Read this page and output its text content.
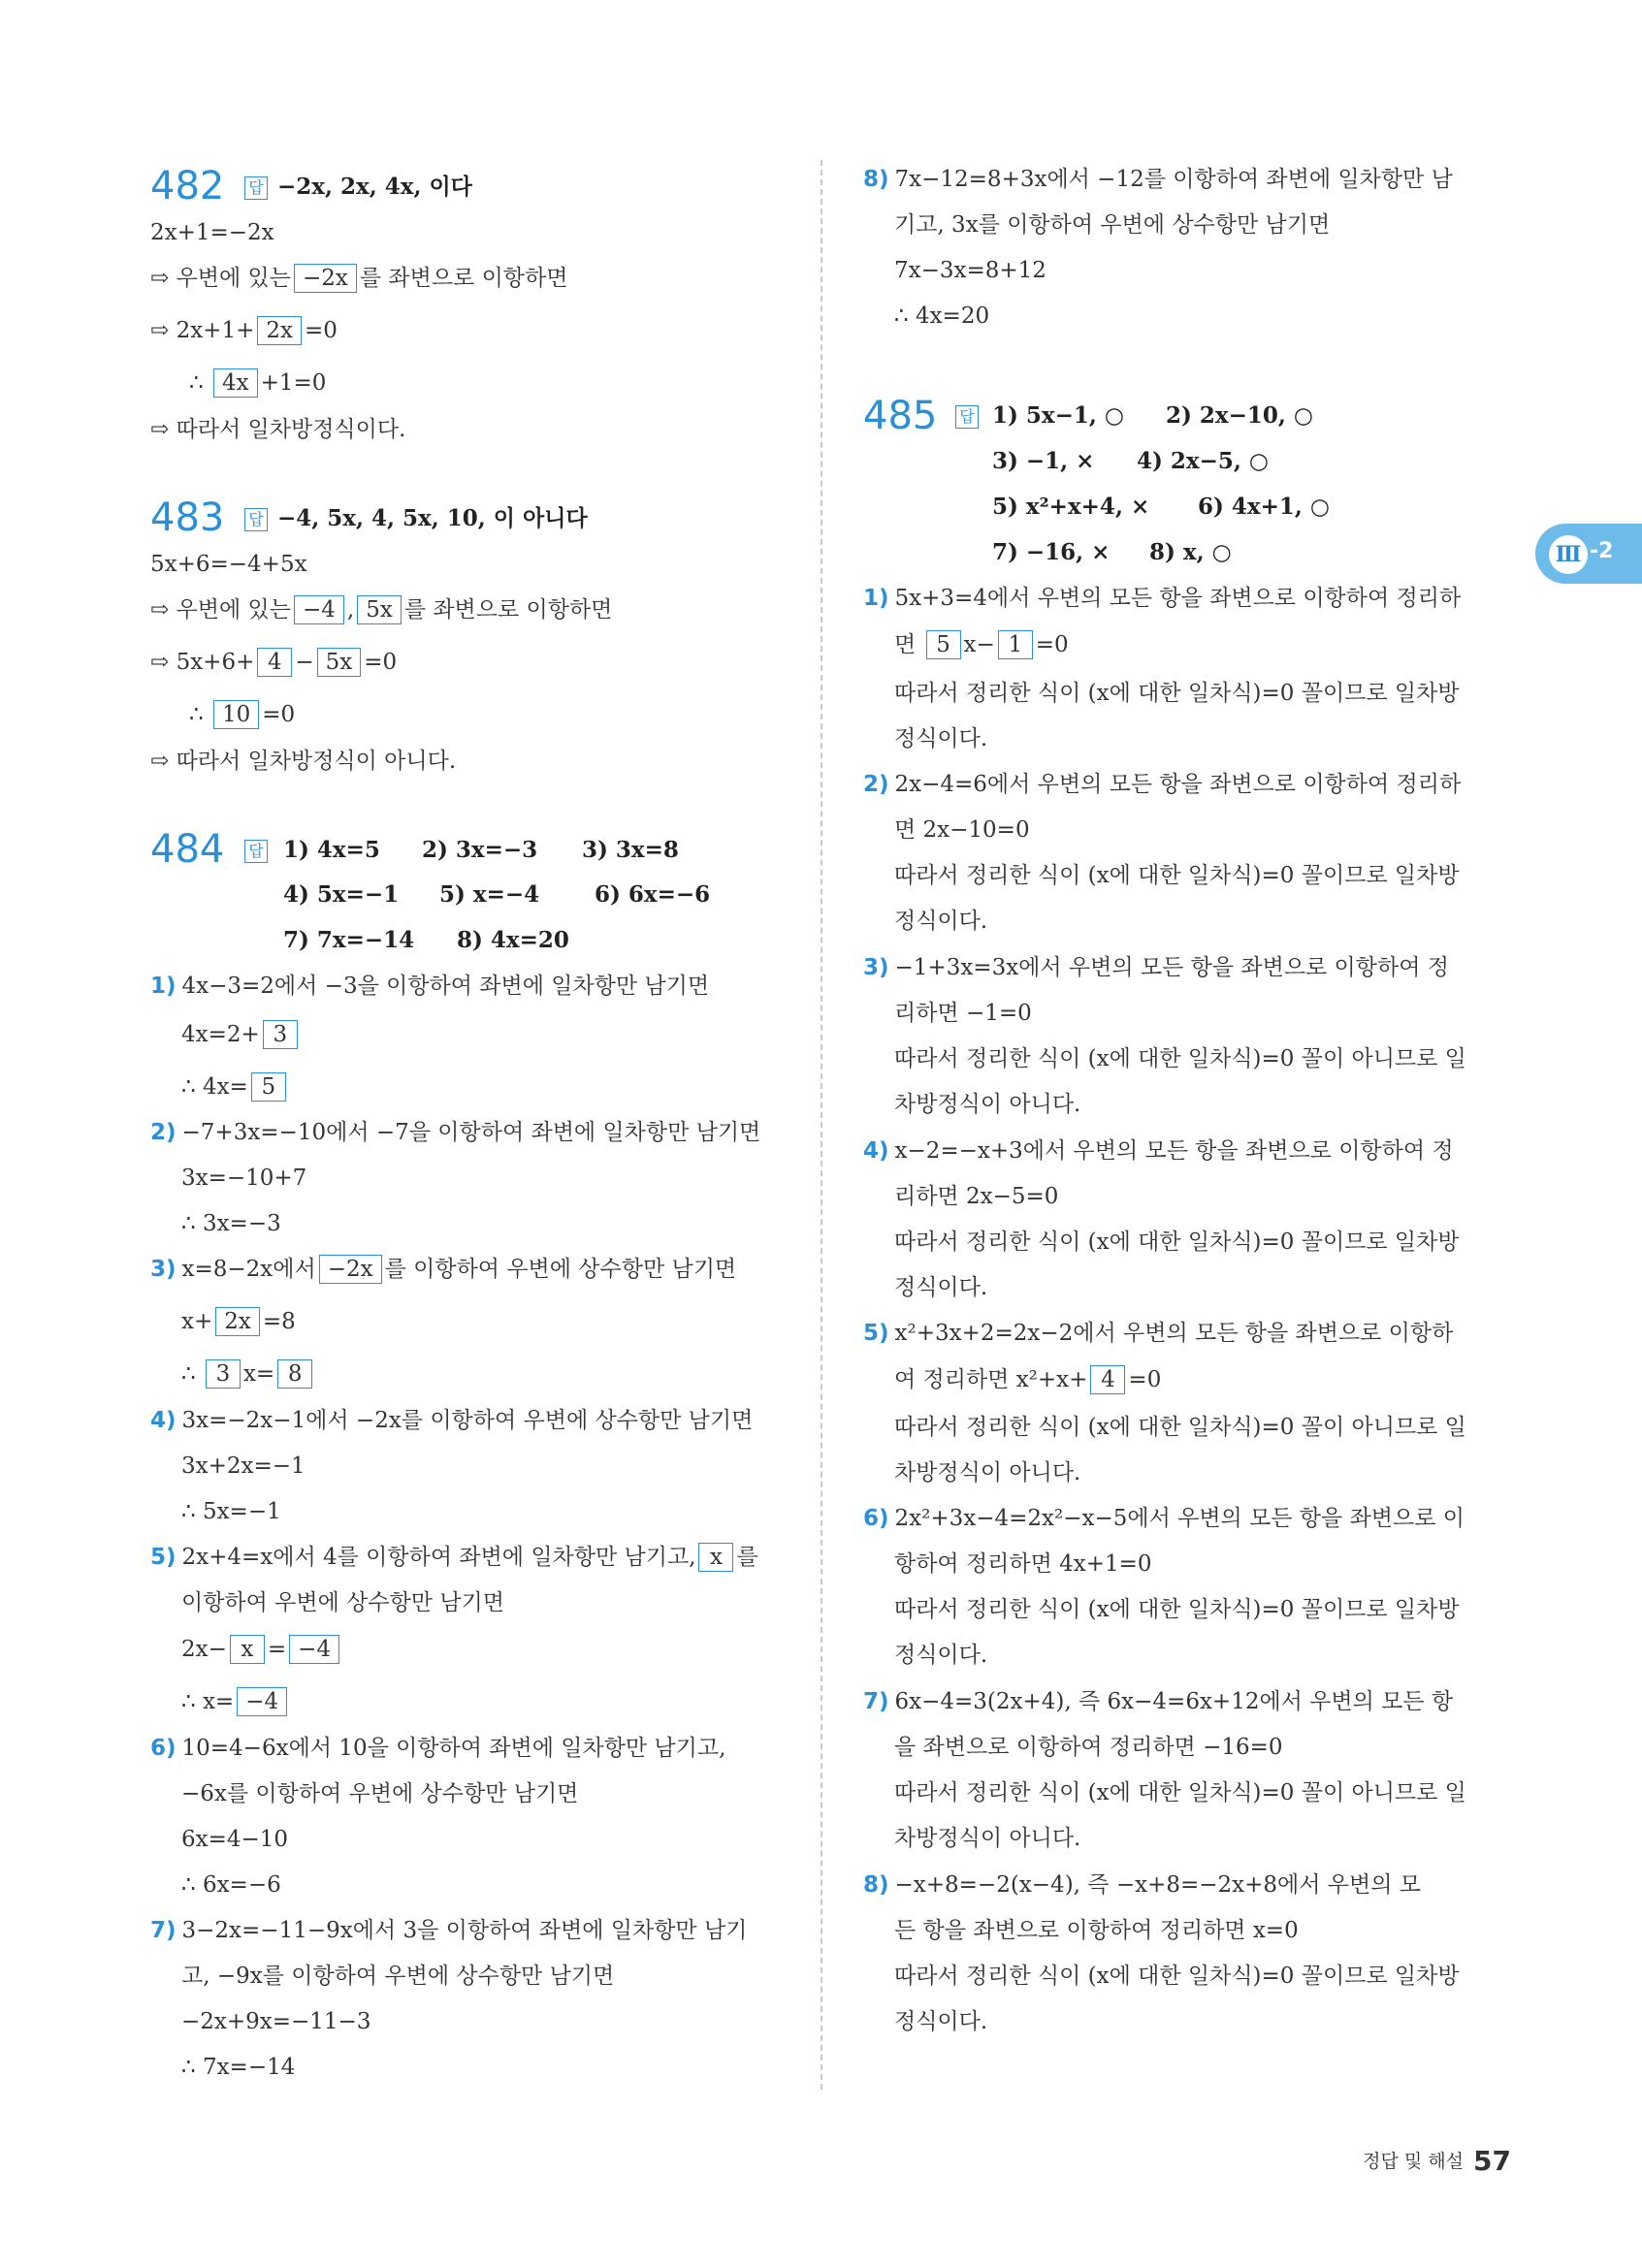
482 답 −2x, 2x, 4x, 이다
2x+1=−2x
⇨ 우변에 있는 −2x 를 좌변으로 이항하면
⇨ 2x+1+ 2x =0
∴ 4x +1=0
⇨ 따라서 일차방정식이다.
483 답 −4, 5x, 4, 5x, 10, 이 아니다
5x+6=−4+5x
⇨ 우변에 있는 −4 , 5x 를 좌변으로 이항하면
⇨ 5x+6+ 4 − 5x =0
∴ 10 =0
⇨ 따라서 일차방정식이 아니다.
484 답 1) 4x=5 2) 3x=−3 3) 3x=8
4) 5x=−1 5) x=−4 6) 6x=−6
7) 7x=−14 8) 4x=20
1) 4x−3=2에서 −3을 이항하여 좌변에 일차항만 남기면
4x=2+ 3
∴ 4x= 5
2) −7+3x=−10에서 −7을 이항하여 좌변에 일차항만 남기면
3x=−10+7
∴ 3x=−3
3) x=8−2x에서 −2x 를 이항하여 우변에 상수항만 남기면
x+ 2x =8
∴ 3 x= 8
4) 3x=−2x−1에서 −2x를 이항하여 우변에 상수항만 남기면
3x+2x=−1
∴ 5x=−1
5) 2x+4=x에서 4를 이항하여 좌변에 일차항만 남기고, x 를
이항하여 우변에 상수항만 남기면
2x− x = −4
∴ x= −4
6) 10=4−6x에서 10을 이항하여 좌변에 일차항만 남기고,
−6x를 이항하여 우변에 상수항만 남기면
6x=4−10
∴ 6x=−6
7) 3−2x=−11−9x에서 3을 이항하여 좌변에 일차항만 남기
고, −9x를 이항하여 우변에 상수항만 남기면
−2x+9x=−11−3
∴ 7x=−14
8) 7x−12=8+3x에서 −12를 이항하여 좌변에 일차항만 남
기고, 3x를 이항하여 우변에 상수항만 남기면
7x−3x=8+12
∴ 4x=20
485 답 1) 5x−1, ○ 2) 2x−10, ○
3) −1, × 4) 2x−5, ○
5) x²+x+4, × 6) 4x+1, ○
7) −16, × 8) x, ○
1) 5x+3=4에서 우변의 모든 항을 좌변으로 이항하여 정리하
면 5 x− 1 =0
따라서 정리한 식이 (x에 대한 일차식)=0 꼴이므로 일차방
정식이다.
2) 2x−4=6에서 우변의 모든 항을 좌변으로 이항하여 정리하
면 2x−10=0
따라서 정리한 식이 (x에 대한 일차식)=0 꼴이므로 일차방
정식이다.
3) −1+3x=3x에서 우변의 모든 항을 좌변으로 이항하여 정
리하면 −1=0
따라서 정리한 식이 (x에 대한 일차식)=0 꼴이 아니므로 일
차방정식이 아니다.
4) x−2=−x+3에서 우변의 모든 항을 좌변으로 이항하여 정
리하면 2x−5=0
따라서 정리한 식이 (x에 대한 일차식)=0 꼴이므로 일차방
정식이다.
5) x²+3x+2=2x−2에서 우변의 모든 항을 좌변으로 이항하
여 정리하면 x²+x+ 4 =0
따라서 정리한 식이 (x에 대한 일차식)=0 꼴이 아니므로 일
차방정식이 아니다.
6) 2x²+3x−4=2x²−x−5에서 우변의 모든 항을 좌변으로 이
항하여 정리하면 4x+1=0
따라서 정리한 식이 (x에 대한 일차식)=0 꼴이므로 일차방
정식이다.
7) 6x−4=3(2x+4), 즉 6x−4=6x+12에서 우변의 모든 항
을 좌변으로 이항하여 정리하면 −16=0
따라서 정리한 식이 (x에 대한 일차식)=0 꼴이 아니므로 일
차방정식이 아니다.
8) −x+8=−2(x−4), 즉 −x+8=−2x+8에서 우변의 모
든 항을 좌변으로 이항하여 정리하면 x=0
따라서 정리한 식이 (x에 대한 일차식)=0 꼴이므로 일차방
정식이다.
Ⅲ -2
정답 및 해설 57
